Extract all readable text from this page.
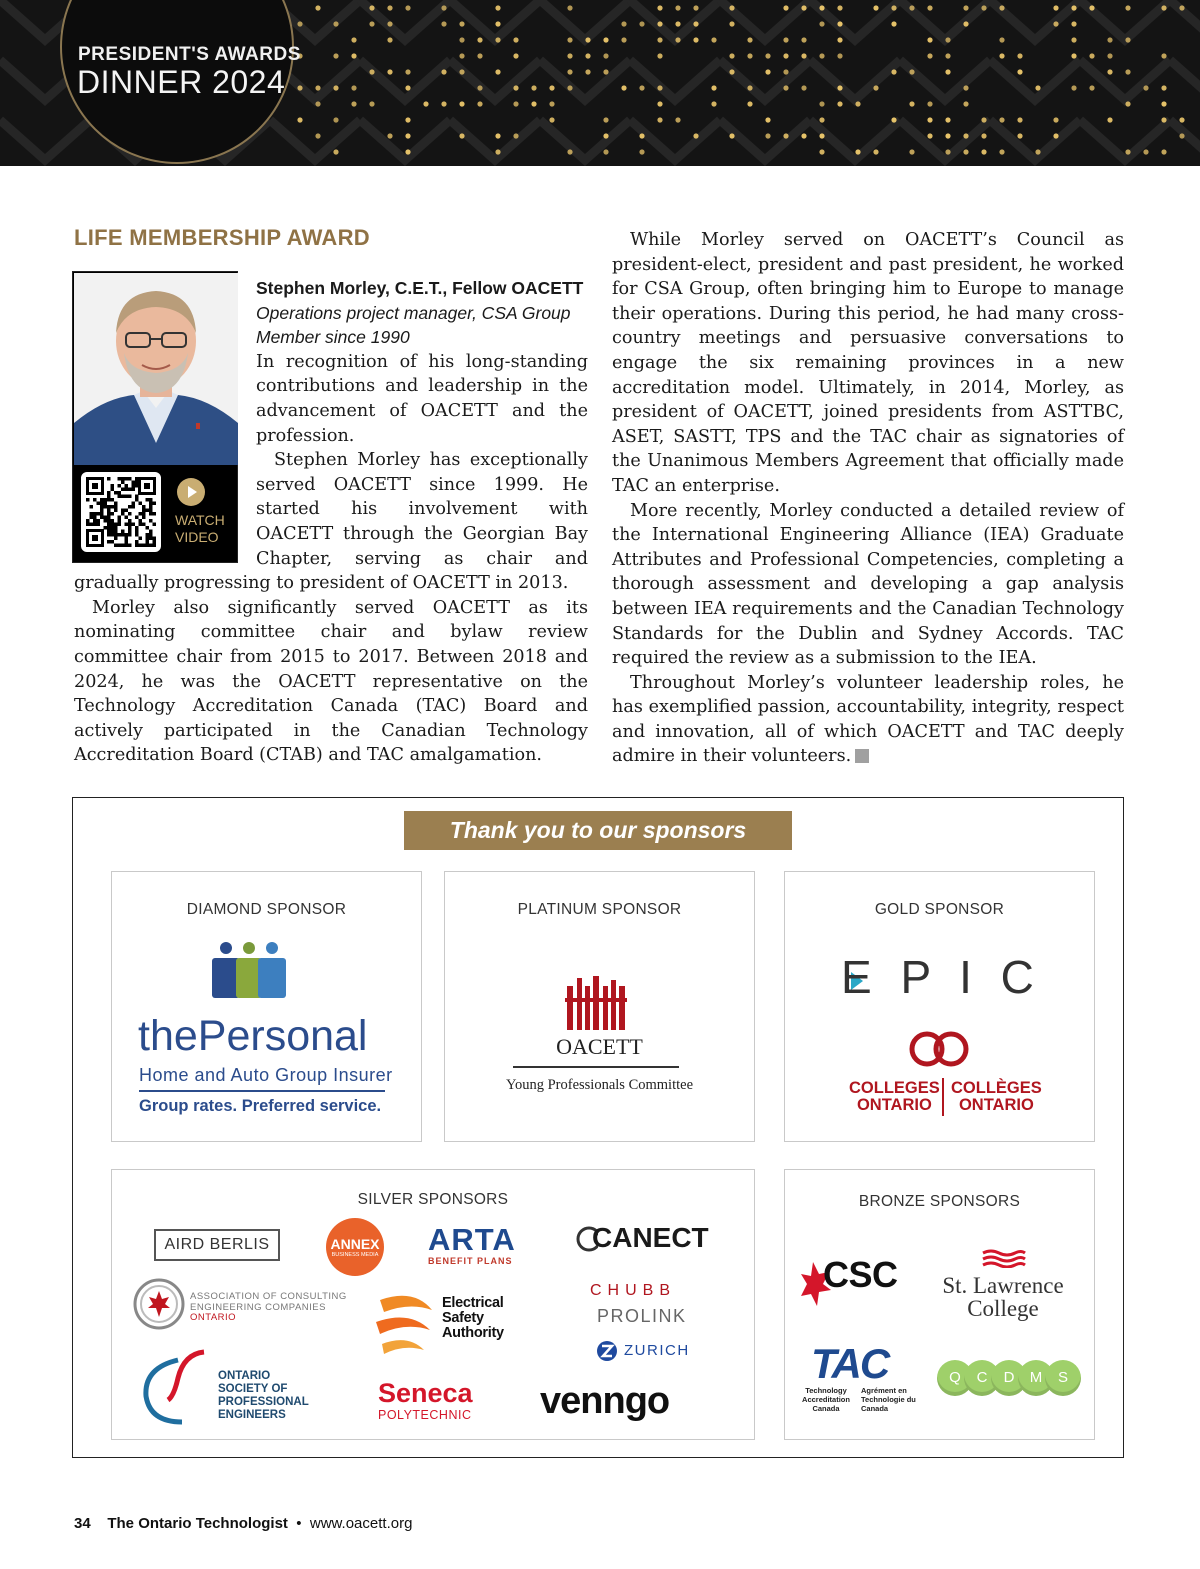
PRESIDENT'S AWARDS
DINNER 2024
LIFE MEMBERSHIP AWARD
WATCH
VIDEO
Stephen Morley, C.E.T., Fellow OACETT
Operations project manager, CSA Group
Member since 1990

In recognition of his long-standing contributions and leadership in the advancement of OACETT and the profession.

Stephen Morley has exceptionally served OACETT since 1999. He started his involvement with OACETT through the Georgian Bay Chapter, serving as chair and gradually progressing to president of OACETT in 2013.

Morley also significantly served OACETT as its nominating committee chair and bylaw review committee chair from 2015 to 2017. Between 2018 and 2024, he was the OACETT representative on the Technology Accreditation Canada (TAC) Board and actively participated in the Canadian Technology Accreditation Board (CTAB) and TAC amalgamation.

While Morley served on OACETT’s Council as president-elect, president and past president, he worked for CSA Group, often bringing him to Europe to manage their operations. During this period, he had many cross-country meetings and persuasive conversations to engage the six remaining provinces in a new accreditation model. Ultimately, in 2014, Morley, as president of OACETT, joined presidents from ASTTBC, ASET, SASTT, TPS and the TAC chair as signatories of the Unanimous Members Agreement that officially made TAC an enterprise.

More recently, Morley conducted a detailed review of the International Engineering Alliance (IEA) Graduate Attributes and Professional Competencies, completing a thorough assessment and developing a gap analysis between IEA requirements and the Canadian Technology Standards for the Dublin and Sydney Accords. TAC required the review as a submission to the IEA.

Throughout Morley’s volunteer leadership roles, he has exemplified passion, accountability, integrity, respect and innovation, all of which OACETT and TAC deeply admire in their volunteers.

Thank you to our sponsors
DIAMOND SPONSOR
thePersonal
Home and Auto Group Insurer
Group rates. Preferred service.
PLATINUM SPONSOR
OACETT
Young Professionals Committee
GOLD SPONSOR
E P I C
COLLEGES
ONTARIO
COLLÈGES
ONTARIO
SILVER SPONSORS
AIRD BERLIS	ANNEX
BUSINESS MEDIA ARTA
BENEFIT PLANS
CANECT
ASSOCIATION OF CONSULTING
ENGINEERING COMPANIES
ONTARIO
Electrical
Safety
Authority
CHUBB
PROLINK
ZURICH
ONTARIO
SOCIETY OF
PROFESSIONAL
ENGINEERS
Seneca
POLYTECHNIC venngo
BRONZE SPONSORS
CSC	St. Lawrence
College
TAC
Technology
Accreditation
Canada
Agrément en
Technologie du
Canada
Q	C	D	M	S
34 The Ontario Technologist • www.oacett.org
